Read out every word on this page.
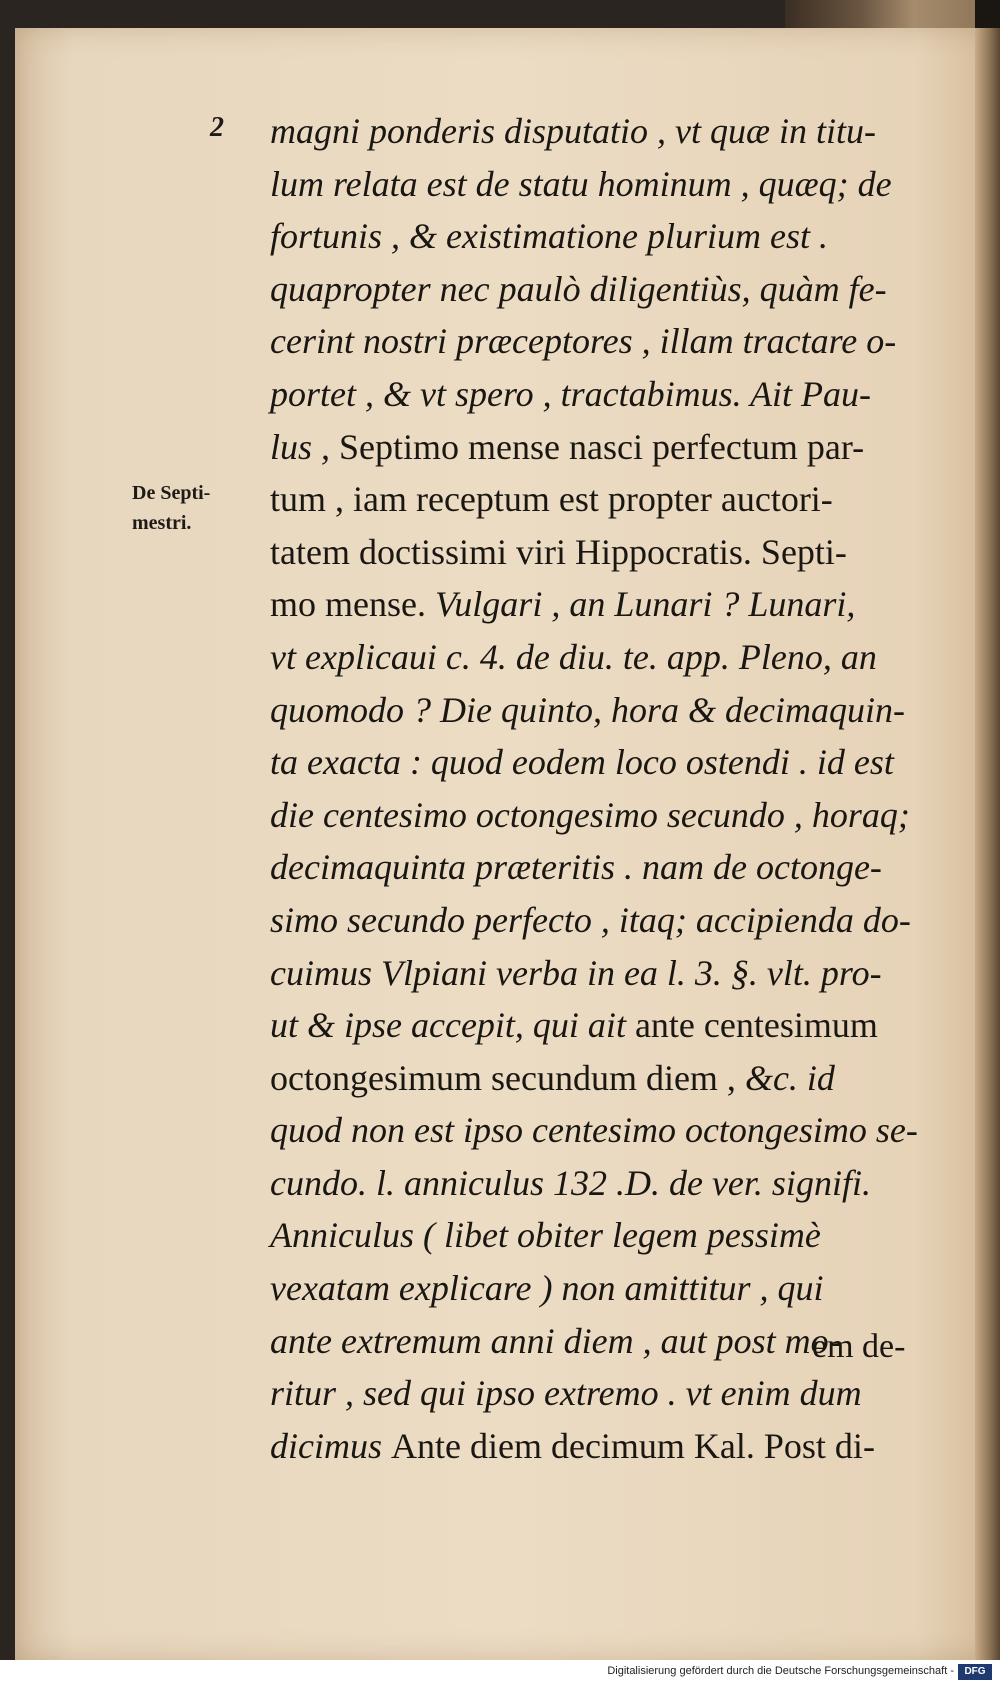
2
De Septi-
mestri.
magni ponderis disputatio , vt quæ in titu-
lum relata est de statu hominum , quæq; de
fortunis , & existimatione plurium est .
quapropter nec paulò diligentiùs, quàm fe-
cerint nostri præceptores , illam tractare o-
portet , & vt spero , tractabimus. Ait Pau-
lus , Septimo mense nasci perfectum par-
tum , iam receptum est propter auctori-
tatem doctissimi viri Hippocratis. Septi-
mo mense. Vulgari , an Lunari ? Lunari,
vt explicaui c. 4. de diu. te. app. Pleno, an
quomodo ? Die quinto, hora & decimaquin-
ta exacta : quod eodem loco ostendi . id est
die centesimo octongesimo secundo , horaq;
decimaquinta præteritis . nam de octonge-
simo secundo perfecto , itaq; accipienda do-
cuimus Vlpiani verba in ea l. 3. §. vlt. pro-
ut & ipse accepit, qui ait ante centesimum
octongesimum secundum diem , &c. id
quod non est ipso centesimo octongesimo se-
cundo. l. anniculus 132 .D. de ver. signifi.
Anniculus ( libet obiter legem pessimè
vexatam explicare ) non amittitur , qui
ante extremum anni diem , aut post mo-
ritur , sed qui ipso extremo . vt enim dum
dicimus Ante diem decimum Kal. Post di-
em de-
Digitalisierung gefördert durch die Deutsche Forschungsgemeinschaft -	DFG
